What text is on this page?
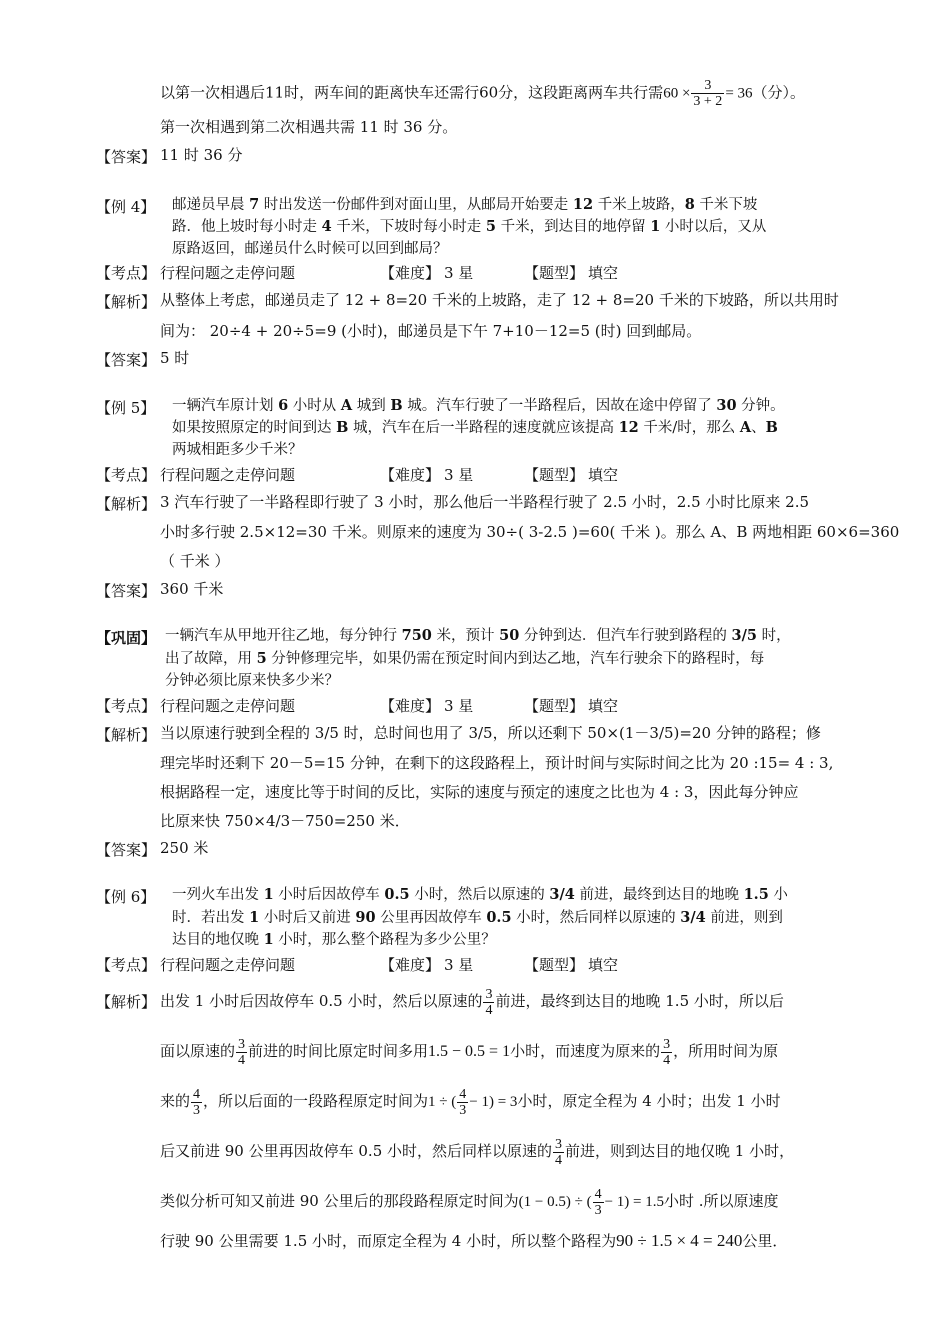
以第一次相遇后11时，两车间的距离快车还需行60分，这段距离两车共行需$60 \times \frac{3}{3 + 2} = 36$（分）。
第一次相遇到第二次相遇共需 11 时 36 分。
【答案】 11 时 36 分
【例 4】 邮递员早晨 7 时出发送一份邮件到对面山里，从邮局开始要走 12 千米上坡路，8 千米下坡
路．他上坡时每小时走 4 千米，下坡时每小时走 5 千米，到达目的地停留 1 小时以后，又从
原路返回，邮递员什么时候可以回到邮局？
【考点】 行程问题之走停问题	【难度】 3 星	【题型】 填空
【解析】 从整体上考虑，邮递员走了 12 + 8=20 千米的上坡路，走了 12 + 8=20 千米的下坡路，所以共用时
间为： 20÷4 + 20÷5=9 (小时)，邮递员是下午 7+10－12=5 (时) 回到邮局。
【答案】 5 时
【例 5】 一辆汽车原计划 6 小时从 A 城到 B 城。汽车行驶了一半路程后，因故在途中停留了 30 分钟。
如果按照原定的时间到达 B 城，汽车在后一半路程的速度就应该提高 12 千米/时，那么 A、B
两城相距多少千米？
【考点】 行程问题之走停问题	【难度】 3 星	【题型】 填空
【解析】 3 汽车行驶了一半路程即行驶了 3 小时，那么他后一半路程行驶了 2.5 小时，2.5 小时比原来 2.5
小时多行驶 2.5×12=30 千米。则原来的速度为 30÷( 3-2.5 )=60( 千米 )。那么 A、B 两地相距 60×6=360
（ 千米 ）
【答案】 360 千米
【巩固】 一辆汽车从甲地开往乙地，每分钟行 750 米，预计 50 分钟到达．但汽车行驶到路程的 3/5 时，
出了故障，用 5 分钟修理完毕，如果仍需在预定时间内到达乙地，汽车行驶余下的路程时，每
分钟必须比原来快多少米？
【考点】 行程问题之走停问题	【难度】 3 星	【题型】 填空
【解析】 当以原速行驶到全程的 3/5 时，总时间也用了 3/5，所以还剩下 50×(1－3/5)=20 分钟的路程；修
理完毕时还剩下 20－5=15 分钟，在剩下的这段路程上，预计时间与实际时间之比为 20 :15= 4 : 3,
根据路程一定，速度比等于时间的反比，实际的速度与预定的速度之比也为 4 : 3，因此每分钟应
比原来快 750×4/3－750=250 米．
【答案】 250 米
【例 6】 一列火车出发 1 小时后因故停车 0.5 小时，然后以原速的 3/4 前进，最终到达目的地晚 1.5 小
时．若出发 1 小时后又前进 90 公里再因故停车 0.5 小时，然后同样以原速的 3/4 前进，则到
达目的地仅晚 1 小时，那么整个路程为多少公里？
【考点】 行程问题之走停问题	【难度】 3 星	【题型】 填空
【解析】 出发 1 小时后因故停车 0.5 小时，然后以原速的 $\frac{3}{4}$ 前进，最终到达目的地晚 1.5 小时，所以后
面以原速的 $\frac{3}{4}$ 前进的时间比原定时间多用1.5 − 0.5 = 1小时，而速度为原来的 $\frac{3}{4}$ ，所用时间为原
来的 $\frac{4}{3}$ ，所以后面的一段路程原定时间为1 ÷ ( $\frac{4}{3} - 1) = 3$小时，原定全程为 4 小时；出发 1 小时
后又前进 90 公里再因故停车 0.5 小时，然后同样以原速的 $\frac{3}{4}$ 前进，则到达目的地仅晚 1 小时，
类似分析可知又前进 90 公里后的那段路程原定时间为(1 − 0.5) ÷ ( $\frac{4}{3} - 1) = 1.5$小时 .所以原速度
行驶 90 公里需要 1.5 小时，而原定全程为 4 小时，所以整个路程为90 ÷ 1.5 × 4 = 240公里．
